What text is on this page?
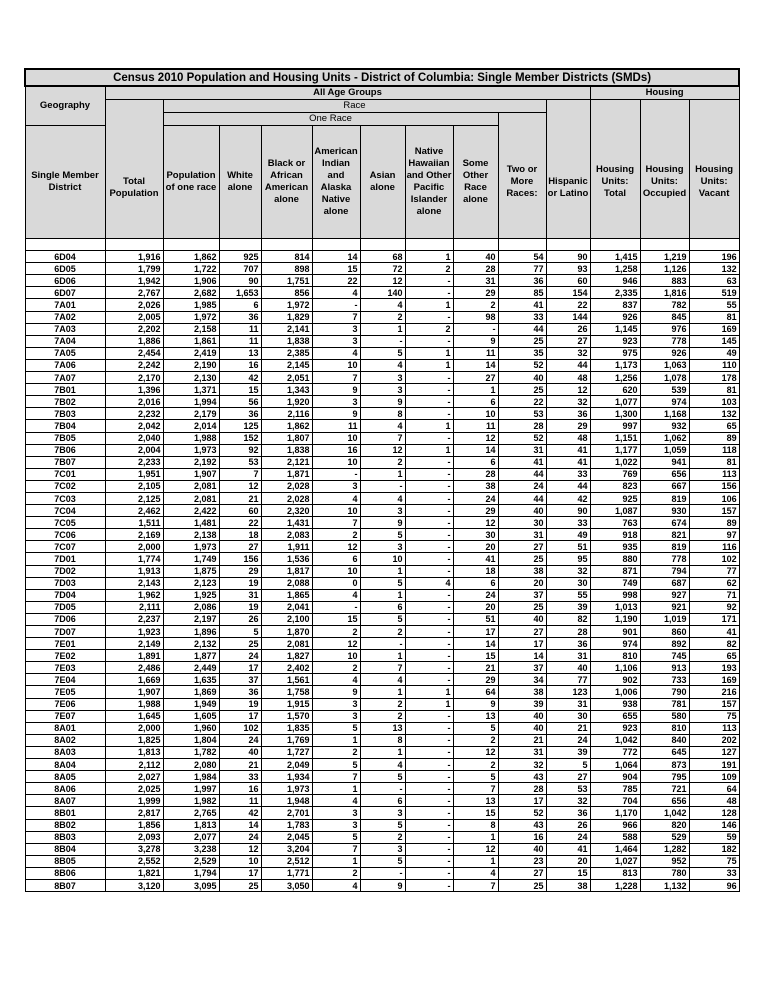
Census 2010 Population and Housing Units - District of Columbia: Single Member Districts (SMDs)													
Geography	All Age Groups										Housing		
	Total Population	Race								Hispanic or Latino	Housing Units: Total	Housing Units: Occupied	Housing Units: Vacant
		One Race							Two or More Races:				
Single Member District		Population of one race	White alone	Black or African American alone	American Indian and Alaska Native alone	Asian alone	Native Hawaiian and Other Pacific Islander alone	Some Other Race alone					

6D04	1,916	1,862	925	814	14	68	1	40	54	90	1,415	1,219	196
6D05	1,799	1,722	707	898	15	72	2	28	77	93	1,258	1,126	132
6D06	1,942	1,906	90	1,751	22	12	-	31	36	60	946	883	63
6D07	2,767	2,682	1,653	856	4	140	-	29	85	154	2,335	1,816	519
7A01	2,026	1,985	6	1,972	-	4	1	2	41	22	837	782	55
7A02	2,005	1,972	36	1,829	7	2	-	98	33	144	926	845	81
7A03	2,202	2,158	11	2,141	3	1	2	-	44	26	1,145	976	169
7A04	1,886	1,861	11	1,838	3	-	-	9	25	27	923	778	145
7A05	2,454	2,419	13	2,385	4	5	1	11	35	32	975	926	49
7A06	2,242	2,190	16	2,145	10	4	1	14	52	44	1,173	1,063	110
7A07	2,170	2,130	42	2,051	7	3	-	27	40	48	1,256	1,078	178
7B01	1,396	1,371	15	1,343	9	3	-	1	25	12	620	539	81
7B02	2,016	1,994	56	1,920	3	9	-	6	22	32	1,077	974	103
7B03	2,232	2,179	36	2,116	9	8	-	10	53	36	1,300	1,168	132
7B04	2,042	2,014	125	1,862	11	4	1	11	28	29	997	932	65
7B05	2,040	1,988	152	1,807	10	7	-	12	52	48	1,151	1,062	89
7B06	2,004	1,973	92	1,838	16	12	1	14	31	41	1,177	1,059	118
7B07	2,233	2,192	53	2,121	10	2	-	6	41	41	1,022	941	81
7C01	1,951	1,907	7	1,871	-	1	-	28	44	33	769	656	113
7C02	2,105	2,081	12	2,028	3	-	-	38	24	44	823	667	156
7C03	2,125	2,081	21	2,028	4	4	-	24	44	42	925	819	106
7C04	2,462	2,422	60	2,320	10	3	-	29	40	90	1,087	930	157
7C05	1,511	1,481	22	1,431	7	9	-	12	30	33	763	674	89
7C06	2,169	2,138	18	2,083	2	5	-	30	31	49	918	821	97
7C07	2,000	1,973	27	1,911	12	3	-	20	27	51	935	819	116
7D01	1,774	1,749	156	1,536	6	10	-	41	25	95	880	778	102
7D02	1,913	1,875	29	1,817	10	1	-	18	38	32	871	794	77
7D03	2,143	2,123	19	2,088	0	5	4	6	20	30	749	687	62
7D04	1,962	1,925	31	1,865	4	1	-	24	37	55	998	927	71
7D05	2,111	2,086	19	2,041	-	6	-	20	25	39	1,013	921	92
7D06	2,237	2,197	26	2,100	15	5	-	51	40	82	1,190	1,019	171
7D07	1,923	1,896	5	1,870	2	2	-	17	27	28	901	860	41
7E01	2,149	2,132	25	2,081	12	-	-	14	17	36	974	892	82
7E02	1,891	1,877	24	1,827	10	1	-	15	14	31	810	745	65
7E03	2,486	2,449	17	2,402	2	7	-	21	37	40	1,106	913	193
7E04	1,669	1,635	37	1,561	4	4	-	29	34	77	902	733	169
7E05	1,907	1,869	36	1,758	9	1	1	64	38	123	1,006	790	216
7E06	1,988	1,949	19	1,915	3	2	1	9	39	31	938	781	157
7E07	1,645	1,605	17	1,570	3	2	-	13	40	30	655	580	75
8A01	2,000	1,960	102	1,835	5	13	-	5	40	21	923	810	113
8A02	1,825	1,804	24	1,769	1	8	-	2	21	24	1,042	840	202
8A03	1,813	1,782	40	1,727	2	1	-	12	31	39	772	645	127
8A04	2,112	2,080	21	2,049	5	4	-	2	32	5	1,064	873	191
8A05	2,027	1,984	33	1,934	7	5	-	5	43	27	904	795	109
8A06	2,025	1,997	16	1,973	1	-	-	7	28	53	785	721	64
8A07	1,999	1,982	11	1,948	4	6	-	13	17	32	704	656	48
8B01	2,817	2,765	42	2,701	3	3	-	15	52	36	1,170	1,042	128
8B02	1,856	1,813	14	1,783	3	5	-	8	43	26	966	820	146
8B03	2,093	2,077	24	2,045	5	2	-	1	16	24	588	529	59
8B04	3,278	3,238	12	3,204	7	3	-	12	40	41	1,464	1,282	182
8B05	2,552	2,529	10	2,512	1	5	-	1	23	20	1,027	952	75
8B06	1,821	1,794	17	1,771	2	-	-	4	27	15	813	780	33
8B07	3,120	3,095	25	3,050	4	9	-	7	25	38	1,228	1,132	96
